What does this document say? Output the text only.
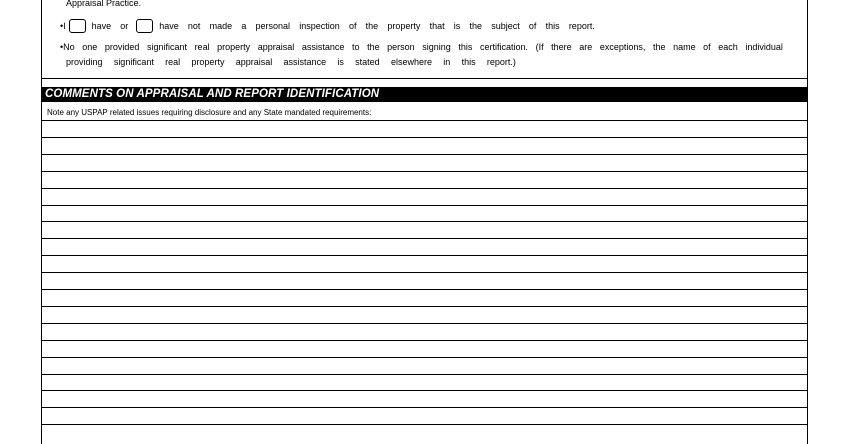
Appraisal Practice.
•I	have or	have not made a personal inspection of the property that is the subject of this report.
•No one provided significant real property appraisal assistance to the person signing this certification. (If there are exceptions, the name of each individual
providing significant real property appraisal assistance is stated elsewhere in this report.)
COMMENTS ON APPRAISAL AND REPORT IDENTIFICATION
Note any USPAP related issues requiring disclosure and any State mandated requirements:
